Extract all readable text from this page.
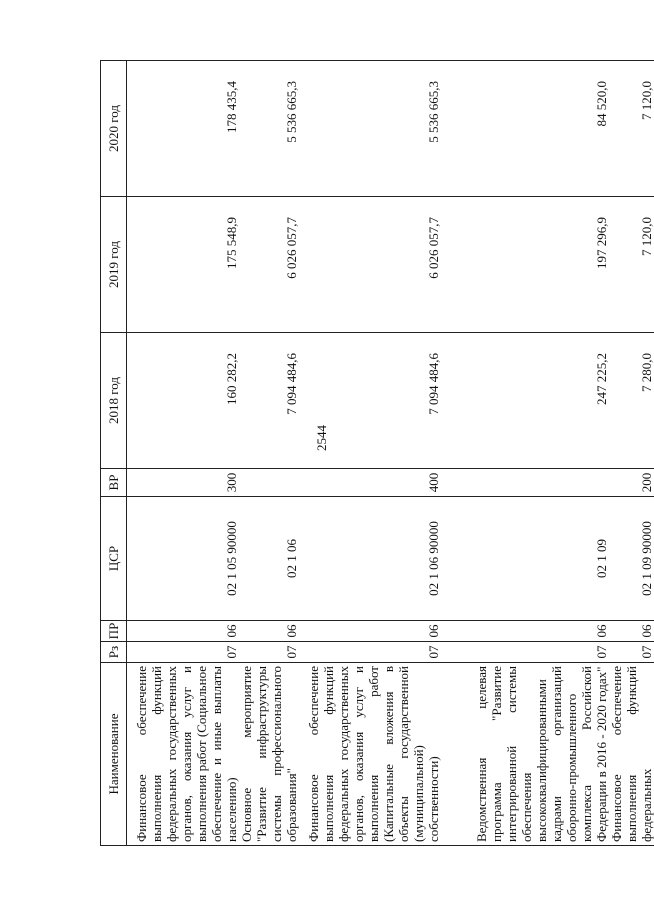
2544
Наименование	Рз	ПР	ЦСР	ВР	2018 год	2019 год	2020 год
Финансовое обеспечение выполнения функций федеральных государственных органов, оказания услуг и выполнения работ (Социальное обеспечение и иные выплаты населению)	07	06	02 1 05 90000	300	160 282,2	175 548,9	178 435,4
Основное мероприятие "Развитие инфраструктуры системы профессионального образования"	07	06	02 1 06		7 094 484,6	6 026 057,7	5 536 665,3
Финансовое обеспечение выполнения функций федеральных государственных органов, оказания услуг и выполнения работ (Капитальные вложения в объекты государственной (муниципальной) собственности)	07	06	02 1 06 90000	400	7 094 484,6	6 026 057,7	5 536 665,3
Ведомственная целевая программа "Развитие интегрированной системы обеспечения высококвалифицированными кадрами организаций оборонно-промышленного комплекса Российской Федерации в 2016 - 2020 годах"	07	06	02 1 09		247 225,2	197 296,9	84 520,0
Финансовое обеспечение выполнения функций федеральных	07	06	02 1 09 90000	200	7 280,0	7 120,0	7 120,0
